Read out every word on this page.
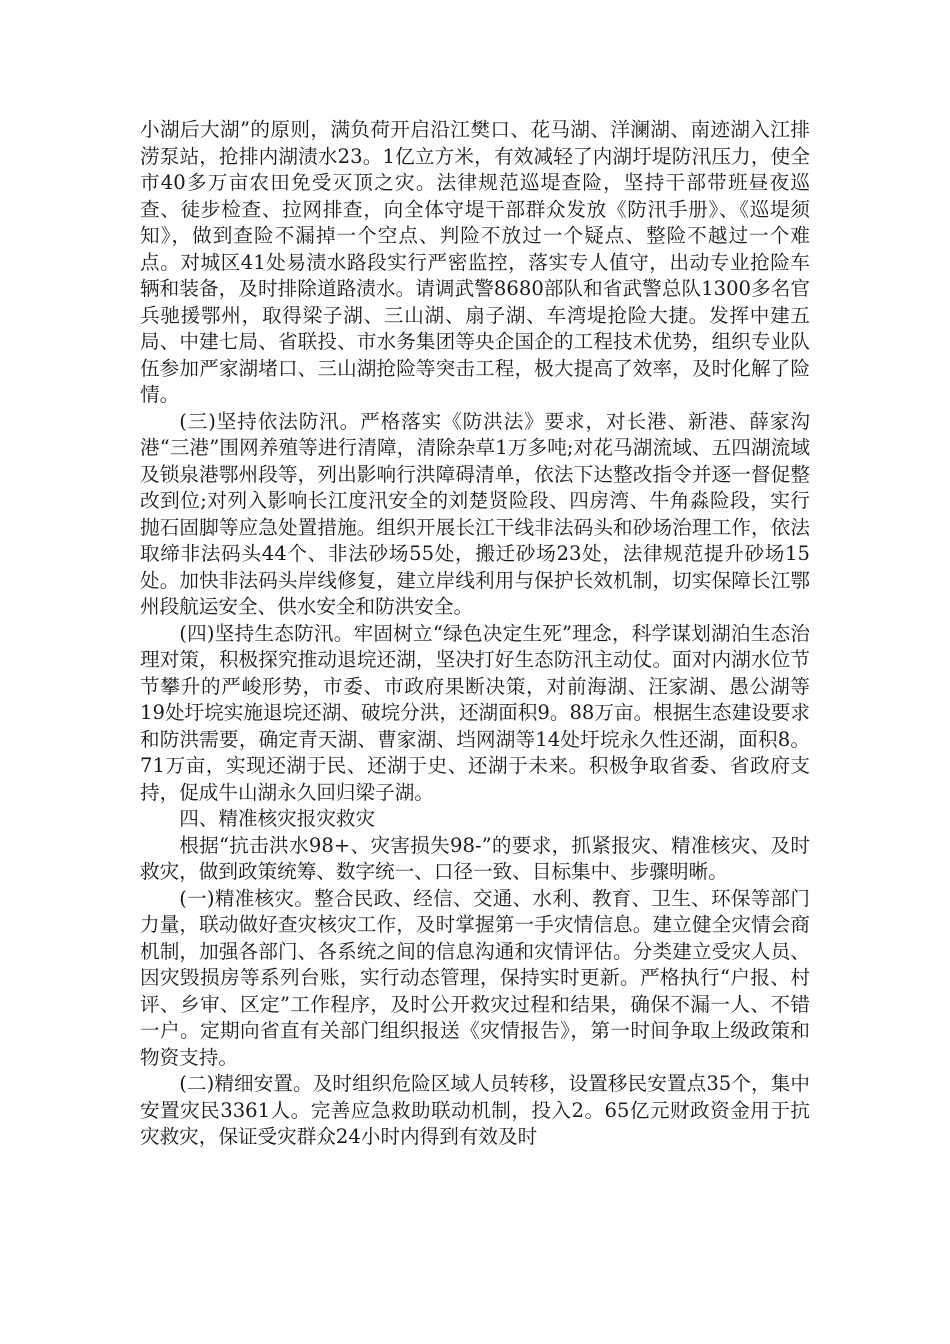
小湖后大湖”的原则，满负荷开启沿江樊口、花马湖、洋澜湖、南迹湖入江排涝泵站，抢排内湖渍水23。1亿立方米，有效减轻了内湖圩堤防汛压力，使全市40多万亩农田免受灭顶之灾。法律规范巡堤查险，坚持干部带班昼夜巡查、徒步检查、拉网排查，向全体守堤干部群众发放《防汛手册》、《巡堤须知》，做到查险不漏掉一个空点、判险不放过一个疑点、整险不越过一个难点。对城区41处易渍水路段实行严密监控，落实专人值守，出动专业抢险车辆和装备，及时排除道路渍水。请调武警8680部队和省武警总队1300多名官兵驰援鄂州，取得梁子湖、三山湖、扇子湖、车湾堤抢险大捷。发挥中建五局、中建七局、省联投、市水务集团等央企国企的工程技术优势，组织专业队伍参加严家湖堵口、三山湖抢险等突击工程，极大提高了效率，及时化解了险情。

(三)坚持依法防汛。严格落实《防洪法》要求，对长港、新港、薛家沟港“三港”围网养殖等进行清障，清除杂草1万多吨;对花马湖流域、五四湖流域及锁泉港鄂州段等，列出影响行洪障碍清单，依法下达整改指令并逐一督促整改到位;对列入影响长江度汛安全的刘楚贤险段、四房湾、牛角淼险段，实行抛石固脚等应急处置措施。组织开展长江干线非法码头和砂场治理工作，依法取缔非法码头44个、非法砂场55处，搬迁砂场23处，法律规范提升砂场15处。加快非法码头岸线修复，建立岸线利用与保护长效机制，切实保障长江鄂州段航运安全、供水安全和防洪安全。

(四)坚持生态防汛。牢固树立“绿色决定生死”理念，科学谋划湖泊生态治理对策，积极探究推动退垸还湖，坚决打好生态防汛主动仗。面对内湖水位节节攀升的严峻形势，市委、市政府果断决策，对前海湖、汪家湖、愚公湖等19处圩垸实施退垸还湖、破垸分洪，还湖面积9。88万亩。根据生态建设要求和防洪需要，确定青天湖、曹家湖、垱网湖等14处圩垸永久性还湖，面积8。71万亩，实现还湖于民、还湖于史、还湖于未来。积极争取省委、省政府支持，促成牛山湖永久回归梁子湖。

四、精准核灾报灾救灾

根据“抗击洪水98+、灾害损失98-”的要求，抓紧报灾、精准核灾、及时救灾，做到政策统筹、数字统一、口径一致、目标集中、步骤明晰。

(一)精准核灾。整合民政、经信、交通、水利、教育、卫生、环保等部门力量，联动做好查灾核灾工作，及时掌握第一手灾情信息。建立健全灾情会商机制，加强各部门、各系统之间的信息沟通和灾情评估。分类建立受灾人员、因灾毁损房等系列台账，实行动态管理，保持实时更新。严格执行“户报、村评、乡审、区定”工作程序，及时公开救灾过程和结果，确保不漏一人、不错一户。定期向省直有关部门组织报送《灾情报告》，第一时间争取上级政策和物资支持。

(二)精细安置。及时组织危险区域人员转移，设置移民安置点35个，集中安置灾民3361人。完善应急救助联动机制，投入2。65亿元财政资金用于抗灾救灾，保证受灾群众24小时内得到有效及时
